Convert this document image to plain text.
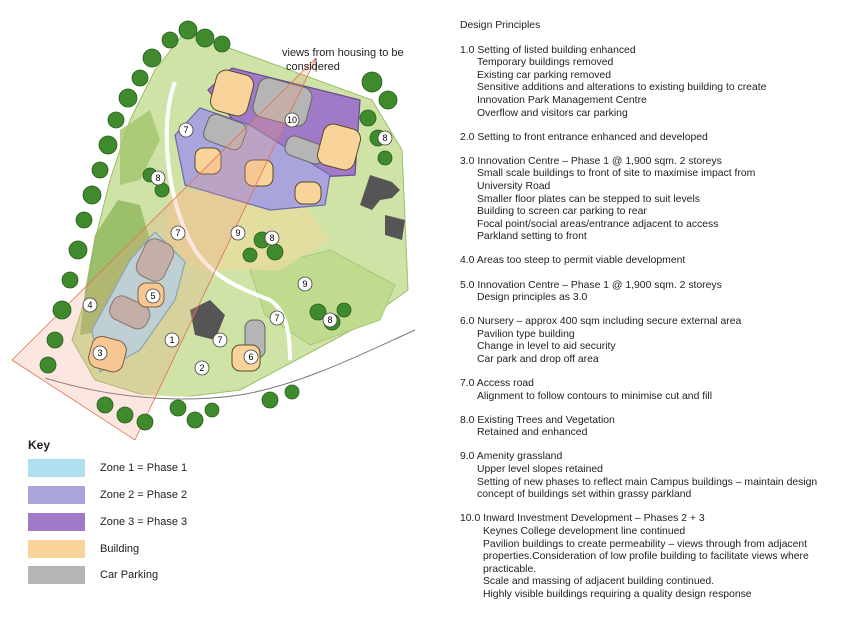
10
7
8
8
7	9
7
8
9
4
5
1
2
3	6
7
8
views from housing to be
considered
Key
Zone 1 = Phase 1
Zone 2 = Phase 2
Zone 3 = Phase 3
Building
Car Parking
Design Principles
1.0 Setting of listed building enhanced
Temporary buildings removed
Existing car parking removed
Sensitive additions and alterations to existing building to create
Innovation Park Management Centre
Overflow and visitors car parking
2.0 Setting to front entrance enhanced and developed
3.0 Innovation Centre – Phase 1 @ 1,900 sqm. 2 storeys
Small scale buildings to front of site to maximise impact from
University Road
Smaller floor plates can be stepped to suit levels
Building to screen car parking to rear
Focal point/social areas/entrance adjacent to access
Parkland setting to front
4.0 Areas too steep to permit viable development
5.0 Innovation Centre – Phase 1 @ 1,900 sqm. 2 storeys
Design principles as 3.0
6.0 Nursery – approx 400 sqm including secure external area
Pavilion type building
Change in level to aid security
Car park and drop off area
7.0 Access road
Alignment to follow contours to minimise cut and fill
8.0 Existing Trees and Vegetation
Retained and enhanced
9.0 Amenity grassland
Upper level slopes retained
Setting of new phases to reflect main Campus buildings – maintain design
concept of buildings set within grassy parkland
10.0 Inward Investment Development – Phases 2 + 3
Keynes College development line continued
Pavilion buildings to create permeability – views through from adjacent
properties.Consideration of low profile building to facilitate views where
practicable.
Scale and massing of adjacent building continued.
Highly visible buildings requiring a quality design response
